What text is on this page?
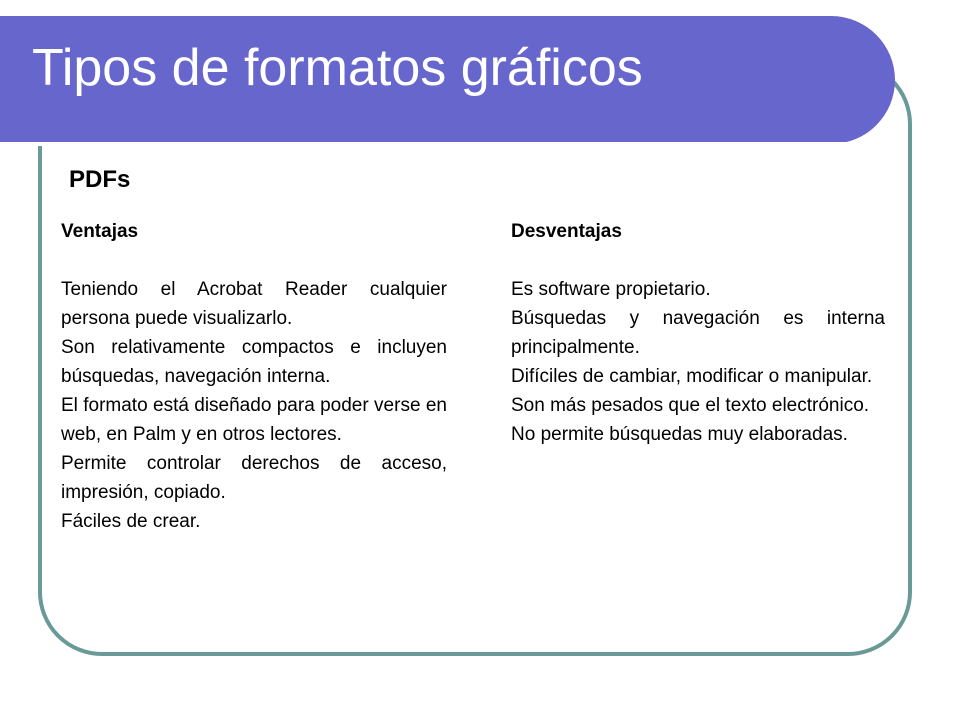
Tipos de formatos gráficos
PDFs
Ventajas
Teniendo el Acrobat Reader cualquier persona puede visualizarlo.
Son relativamente compactos e incluyen búsquedas, navegación interna.
El formato está diseñado para poder verse en web, en Palm y en otros lectores.
Permite controlar derechos de acceso, impresión, copiado.
Fáciles de crear.
Desventajas
Es software propietario.
Búsquedas y navegación es interna principalmente.
Difíciles de cambiar, modificar o manipular.
Son más pesados que el texto electrónico.
No permite búsquedas muy elaboradas.
